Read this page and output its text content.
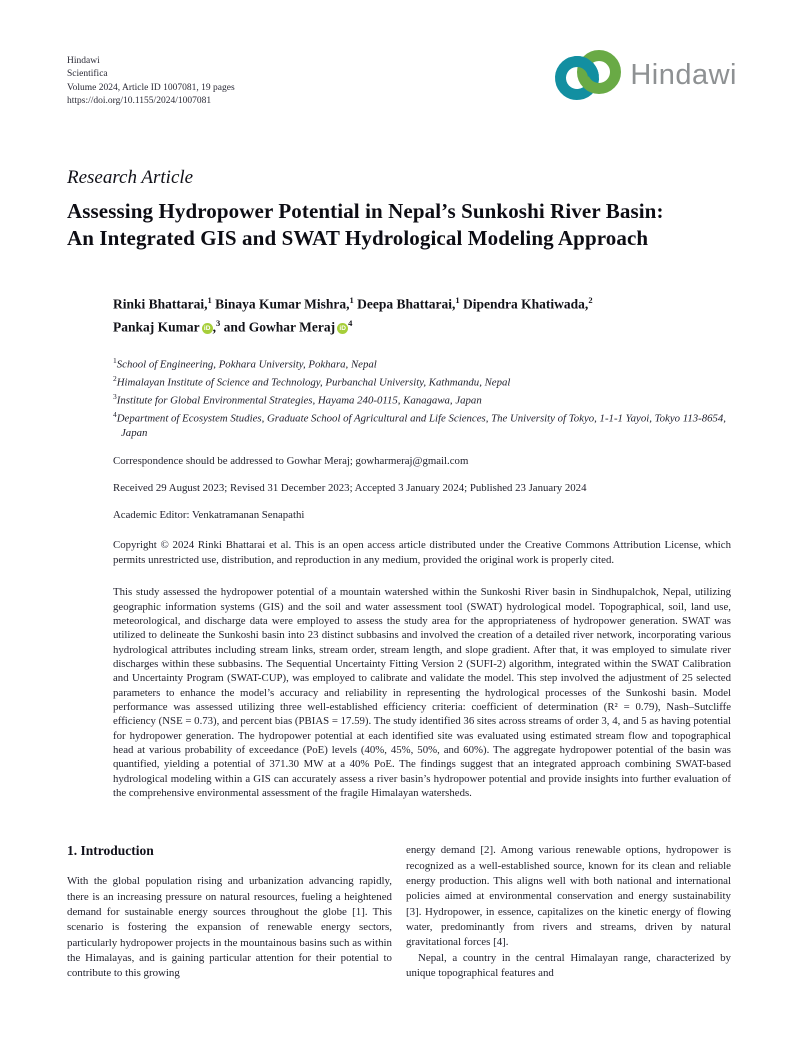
Hindawi
Scientifica
Volume 2024, Article ID 1007081, 19 pages
https://doi.org/10.1155/2024/1007081
Hindawi
Research Article
Assessing Hydropower Potential in Nepal’s Sunkoshi River Basin:
An Integrated GIS and SWAT Hydrological Modeling Approach
Rinki Bhattarai,$^1$ Binaya Kumar Mishra,$^1$ Deepa Bhattarai,$^1$ Dipendra Khatiwada,$^2$
Pankaj Kumar iD ,$^3$ and Gowhar Meraj $iD^4$
$^1$School of Engineering, Pokhara University, Pokhara, Nepal
$^2$Himalayan Institute of Science and Technology, Purbanchal University, Kathmandu, Nepal
$^3$Institute for Global Environmental Strategies, Hayama 240-0115, Kanagawa, Japan
$^4$Department of Ecosystem Studies, Graduate School of Agricultural and Life Sciences, The University of Tokyo, 1-1-1 Yayoi, Tokyo 113-8654, Japan
Correspondence should be addressed to Gowhar Meraj; gowharmeraj@gmail.com
Received 29 August 2023; Revised 31 December 2023; Accepted 3 January 2024; Published 23 January 2024
Academic Editor: Venkatramanan Senapathi
Copyright © 2024 Rinki Bhattarai et al. This is an open access article distributed under the Creative Commons Attribution License, which permits unrestricted use, distribution, and reproduction in any medium, provided the original work is properly cited.
This study assessed the hydropower potential of a mountain watershed within the Sunkoshi River basin in Sindhupalchok, Nepal, utilizing geographic information systems (GIS) and the soil and water assessment tool (SWAT) hydrological model. Topographical, soil, land use, meteorological, and discharge data were employed to assess the study area for the appropriateness of hydropower generation. SWAT was utilized to delineate the Sunkoshi basin into 23 distinct subbasins and involved the creation of a detailed river network, incorporating various hydrological attributes including stream links, stream order, stream length, and slope gradient. After that, it was employed to simulate river discharges within these subbasins. The Sequential Uncertainty Fitting Version 2 (SUFI-2) algorithm, integrated within the SWAT Calibration and Uncertainty Program (SWAT-CUP), was employed to calibrate and validate the model. This step involved the adjustment of 25 selected parameters to enhance the model’s accuracy and reliability in representing the hydrological processes of the Sunkoshi basin. Model performance was assessed utilizing three well-established efficiency criteria: coefficient of determination (R² = 0.79), Nash–Sutcliffe efficiency (NSE = 0.73), and percent bias (PBIAS = 17.59). The study identified 36 sites across streams of order 3, 4, and 5 as having potential for hydropower generation. The hydropower potential at each identified site was evaluated using estimated stream flow and topographical head at various probability of exceedance (PoE) levels (40%, 45%, 50%, and 60%). The aggregate hydropower potential of the basin was quantified, yielding a potential of 371.30 MW at a 40% PoE. The findings suggest that an integrated approach combining SWAT-based hydrological modeling within a GIS can accurately assess a river basin’s hydropower potential and provide insights into further evaluation of the comprehensive environmental assessment of the fragile Himalayan watersheds.
1. Introduction

With the global population rising and urbanization advancing rapidly, there is an increasing pressure on natural resources, fueling a heightened demand for sustainable energy sources throughout the globe [1]. This scenario is fostering the expansion of renewable energy sectors, particularly hydropower projects in the mountainous basins such as within the Himalayas, and is gaining particular attention for their potential to contribute to this growing

energy demand [2]. Among various renewable options, hydropower is recognized as a well-established source, known for its clean and reliable energy production. This aligns well with both national and international policies aimed at environmental conservation and energy sustainability [3]. Hydropower, in essence, capitalizes on the kinetic energy of flowing water, predominantly from rivers and streams, driven by natural gravitational forces [4].

Nepal, a country in the central Himalayan range, characterized by unique topographical features and
